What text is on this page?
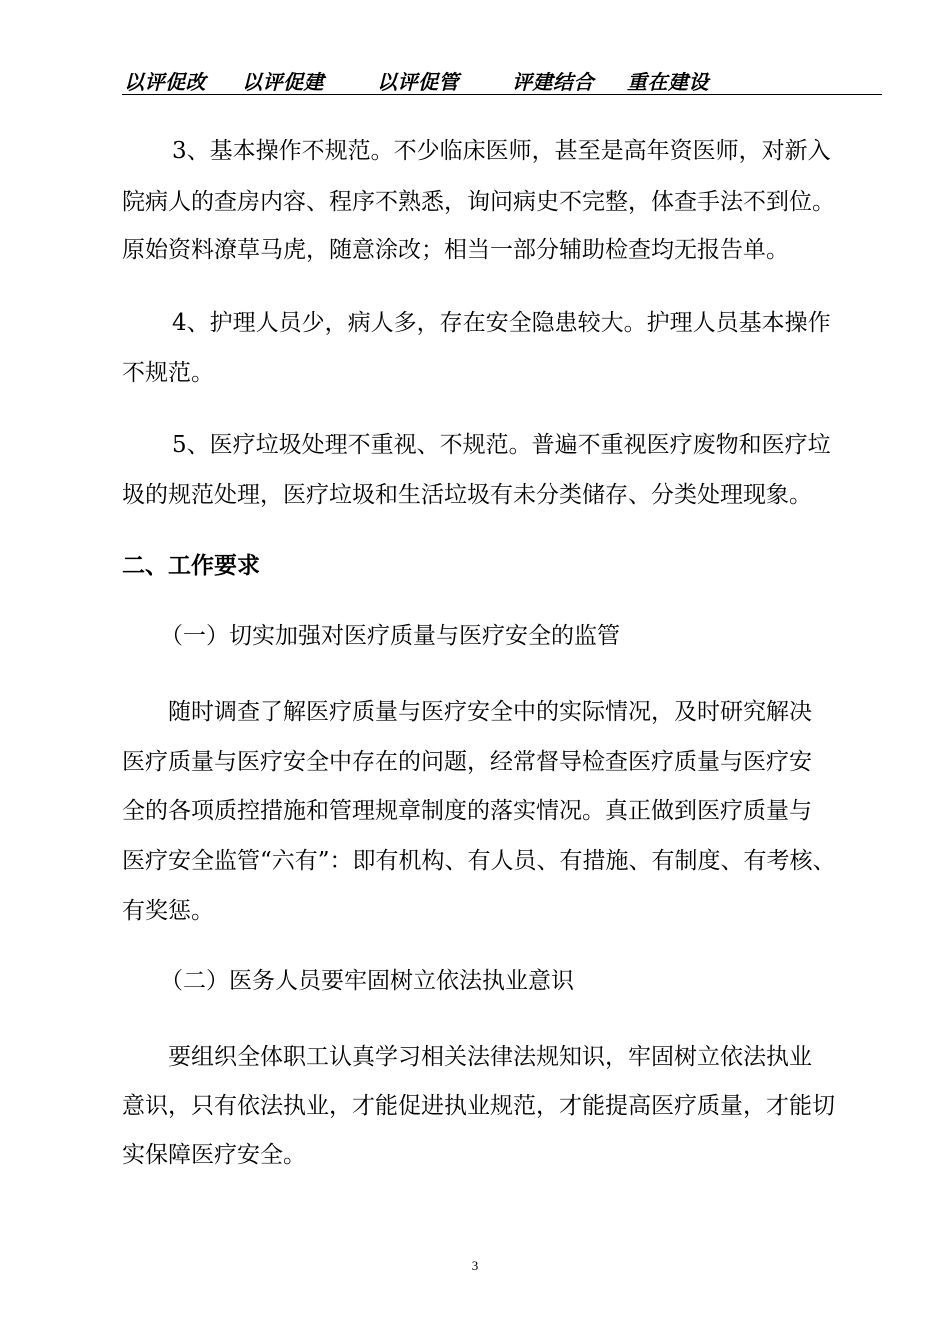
以评促改 以评促建	以评促管	评建结合 重在建设
3、基本操作不规范。不少临床医师，甚至是高年资医师，对新入
院病人的查房内容、程序不熟悉，询问病史不完整，体查手法不到位。
原始资料潦草马虎，随意涂改；相当一部分辅助检查均无报告单。
4、护理人员少，病人多，存在安全隐患较大。护理人员基本操作
不规范。
5、医疗垃圾处理不重视、不规范。普遍不重视医疗废物和医疗垃
圾的规范处理，医疗垃圾和生活垃圾有未分类储存、分类处理现象。
二、工作要求
（一）切实加强对医疗质量与医疗安全的监管
随时调查了解医疗质量与医疗安全中的实际情况，及时研究解决
医疗质量与医疗安全中存在的问题，经常督导检查医疗质量与医疗安
全的各项质控措施和管理规章制度的落实情况。真正做到医疗质量与
医疗安全监管“六有”：即有机构、有人员、有措施、有制度、有考核、
有奖惩。
（二）医务人员要牢固树立依法执业意识
要组织全体职工认真学习相关法律法规知识，牢固树立依法执业
意识，只有依法执业，才能促进执业规范，才能提高医疗质量，才能切
实保障医疗安全。
3
